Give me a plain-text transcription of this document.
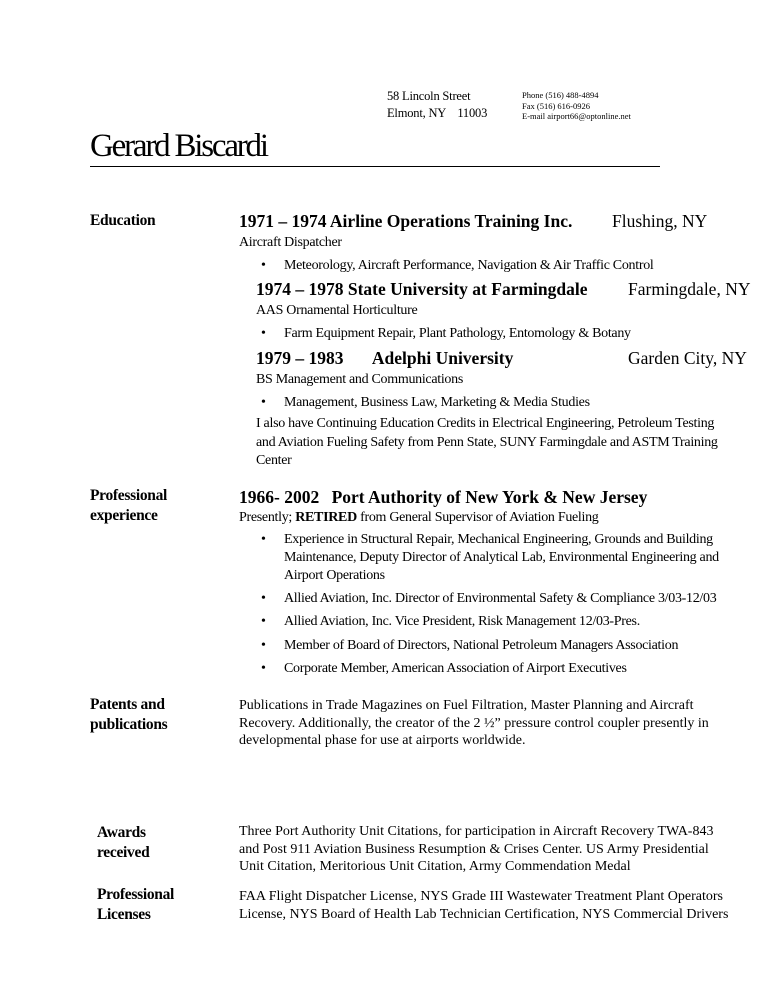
58 Lincoln Street
Elmont, NY    11003
Phone (516) 488-4894
Fax (516) 616-0926
E-mail airport66@optonline.net
Gerard Biscardi
Education	1971 – 1974 Airline Operations Training Inc. Flushing, NY
Aircraft Dispatcher
• Meteorology, Aircraft Performance, Navigation & Air Traffic Control
1974 – 1978 State University at Farmingdale Farmingdale, NY
AAS Ornamental Horticulture
• Farm Equipment Repair, Plant Pathology, Entomology & Botany
1979 – 1983 Adelphi University	Garden City, NY
BS Management and Communications
• Management, Business Law, Marketing & Media Studies
I also have Continuing Education Credits in Electrical Engineering, Petroleum Testing
and Aviation Fueling Safety from Penn State, SUNY Farmingdale and ASTM Training
Center
Professional
experience
1966- 2002 Port Authority of New York & New Jersey
Presently; RETIRED from General Supervisor of Aviation Fueling
• Experience in Structural Repair, Mechanical Engineering, Grounds and Building
Maintenance, Deputy Director of Analytical Lab, Environmental Engineering and
Airport Operations
• Allied Aviation, Inc. Director of Environmental Safety & Compliance 3/03-12/03
• Allied Aviation, Inc. Vice President, Risk Management 12/03-Pres.
• Member of Board of Directors, National Petroleum Managers Association
• Corporate Member, American Association of Airport Executives
Patents and
publications
Publications in Trade Magazines on Fuel Filtration, Master Planning and Aircraft
Recovery. Additionally, the creator of the 2 ½” pressure control coupler presently in
developmental phase for use at airports worldwide.
Awards
received
Three Port Authority Unit Citations, for participation in Aircraft Recovery TWA-843
and Post 911 Aviation Business Resumption & Crises Center. US Army Presidential
Unit Citation, Meritorious Unit Citation, Army Commendation Medal
Professional
Licenses
FAA Flight Dispatcher License, NYS Grade III Wastewater Treatment Plant Operators
License, NYS Board of Health Lab Technician Certification, NYS Commercial Drivers
